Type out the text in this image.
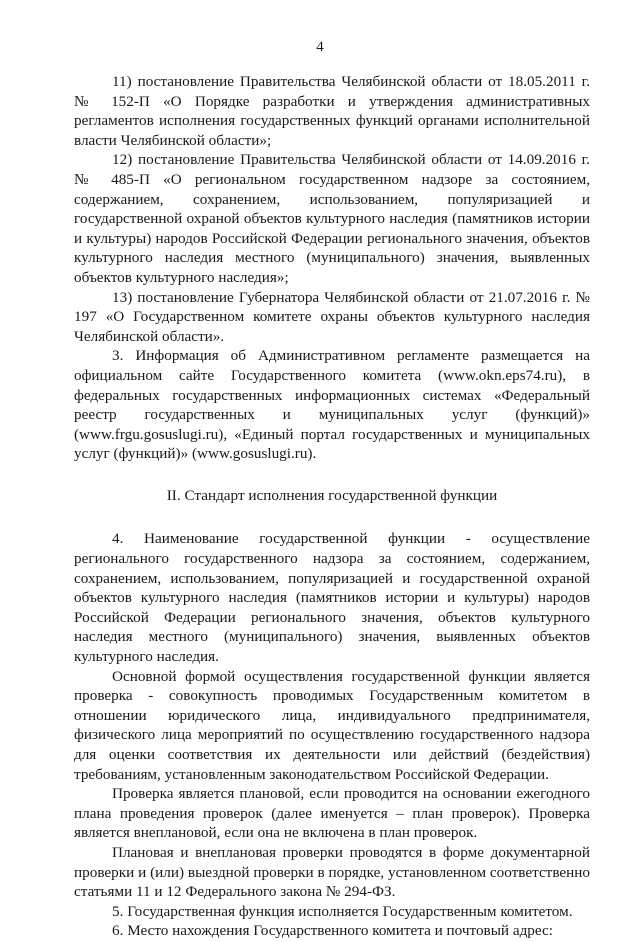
4

11) постановление Правительства Челябинской области от 18.05.2011 г. № 152-П «О Порядке разработки и утверждения административных регламентов исполнения государственных функций органами исполнительной власти Челябинской области»;

12) постановление Правительства Челябинской области от 14.09.2016 г. № 485-П «О региональном государственном надзоре за состоянием, содержанием, сохранением, использованием, популяризацией и государственной охраной объектов культурного наследия (памятников истории и культуры) народов Российской Федерации регионального значения, объектов культурного наследия местного (муниципального) значения, выявленных объектов культурного наследия»;

13) постановление Губернатора Челябинской области от 21.07.2016 г. № 197 «О Государственном комитете охраны объектов культурного наследия Челябинской области».

3. Информация об Административном регламенте размещается на официальном сайте Государственного комитета (www.okn.eps74.ru), в федеральных государственных информационных системах «Федеральный реестр государственных и муниципальных услуг (функций)» (www.frgu.gosuslugi.ru), «Единый портал государственных и муниципальных услуг (функций)» (www.gosuslugi.ru).

II. Стандарт исполнения государственной функции

4. Наименование государственной функции - осуществление регионального государственного надзора за состоянием, содержанием, сохранением, использованием, популяризацией и государственной охраной объектов культурного наследия (памятников истории и культуры) народов Российской Федерации регионального значения, объектов культурного наследия местного (муниципального) значения, выявленных объектов культурного наследия.

Основной формой осуществления государственной функции является проверка - совокупность проводимых Государственным комитетом в отношении юридического лица, индивидуального предпринимателя, физического лица мероприятий по осуществлению государственного надзора для оценки соответствия их деятельности или действий (бездействия) требованиям, установленным законодательством Российской Федерации.

Проверка является плановой, если проводится на основании ежегодного плана проведения проверок (далее именуется – план проверок). Проверка является внеплановой, если она не включена в план проверок.

Плановая и внеплановая проверки проводятся в форме документарной проверки и (или) выездной проверки в порядке, установленном соответственно статьями 11 и 12 Федерального закона № 294-ФЗ.

5. Государственная функция исполняется Государственным комитетом.

6. Место нахождения Государственного комитета и почтовый адрес:
